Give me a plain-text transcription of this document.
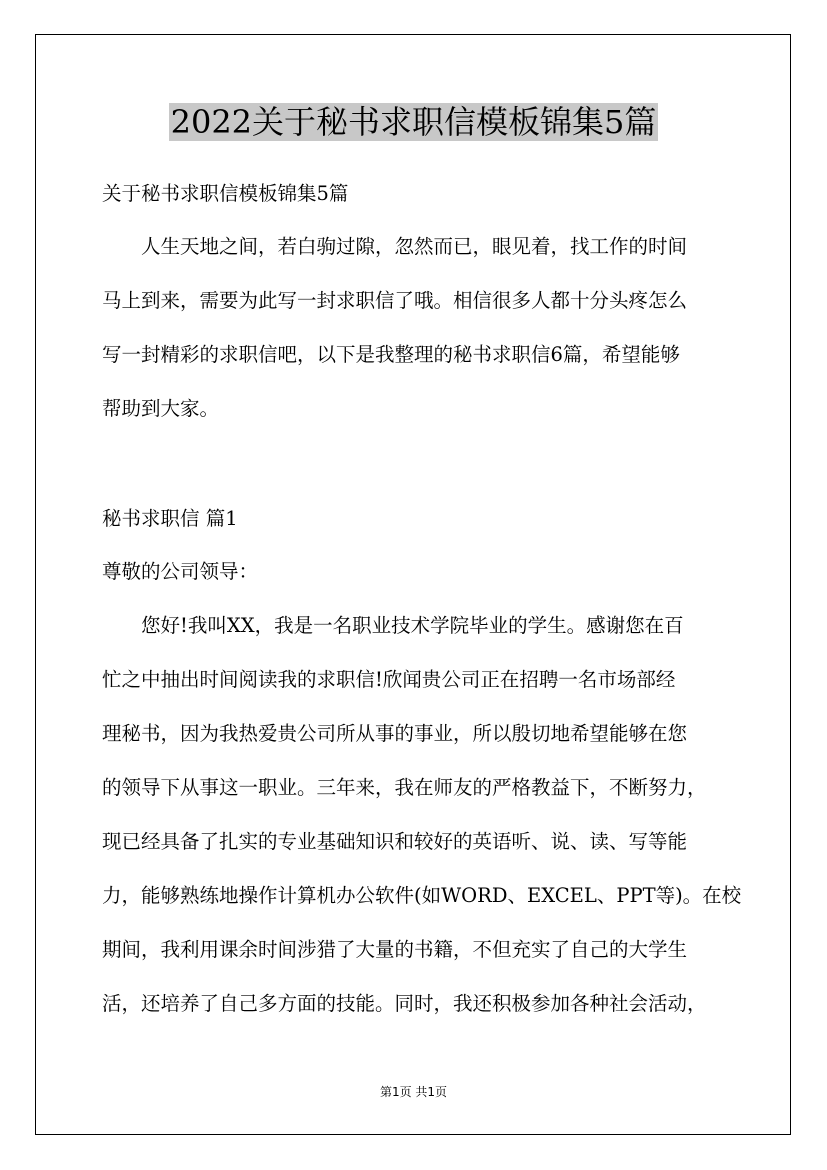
2022关于秘书求职信模板锦集5篇
关于秘书求职信模板锦集5篇
人生天地之间，若白驹过隙，忽然而已，眼见着，找工作的时间
马上到来，需要为此写一封求职信了哦。相信很多人都十分头疼怎么
写一封精彩的求职信吧，以下是我整理的秘书求职信6篇，希望能够
帮助到大家。
秘书求职信 篇1
尊敬的公司领导：
您好!我叫XX，我是一名职业技术学院毕业的学生。感谢您在百
忙之中抽出时间阅读我的求职信!欣闻贵公司正在招聘一名市场部经
理秘书，因为我热爱贵公司所从事的事业，所以殷切地希望能够在您
的领导下从事这一职业。三年来，我在师友的严格教益下，不断努力，
现已经具备了扎实的专业基础知识和较好的英语听、说、读、写等能
力，能够熟练地操作计算机办公软件(如WORD、EXCEL、PPT等)。在校
期间，我利用课余时间涉猎了大量的书籍，不但充实了自己的大学生
活，还培养了自己多方面的技能。同时，我还积极参加各种社会活动，
第1页 共1页
